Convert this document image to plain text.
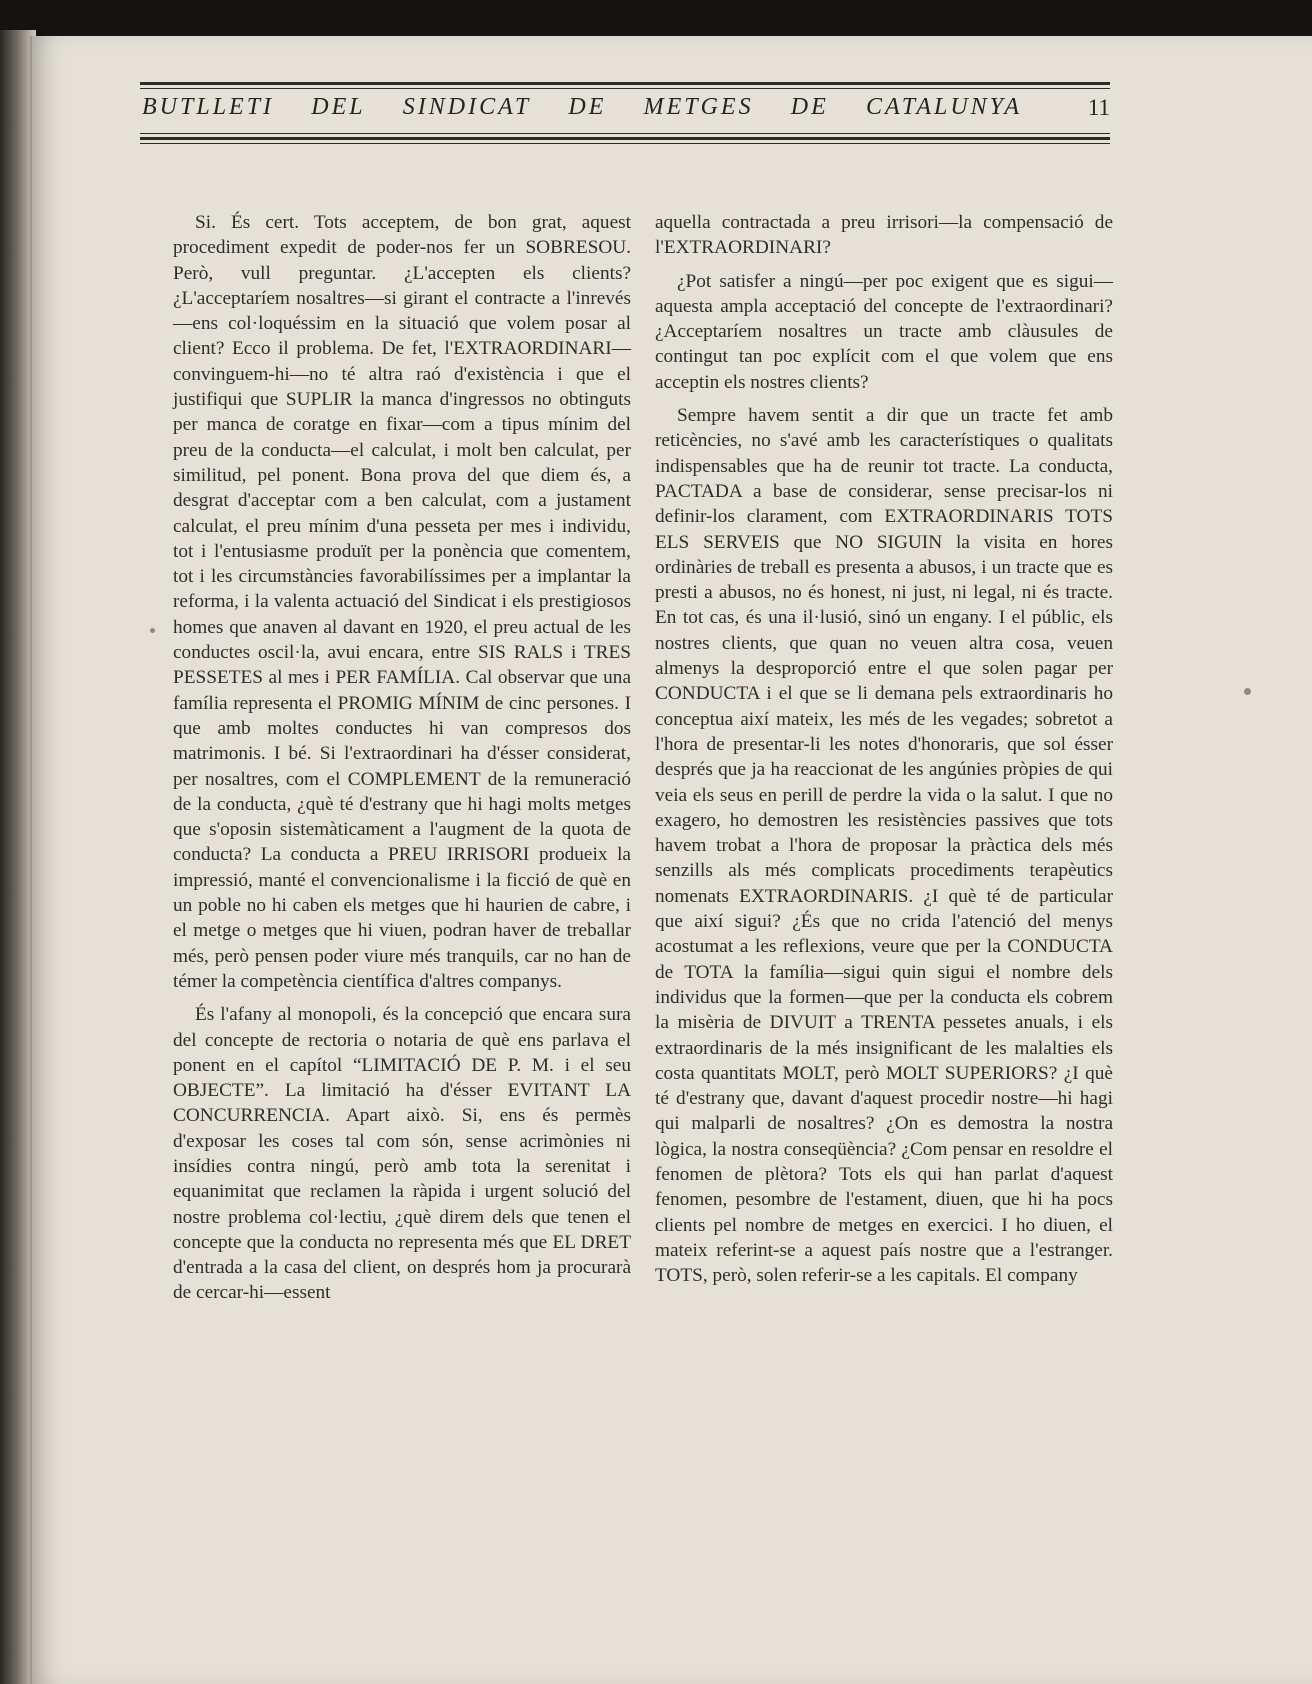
BUTLLETI DEL SINDICAT DE METGES DE CATALUNYA	11

Si. És cert. Tots acceptem, de bon grat, aquest procediment expedit de poder-nos fer un SOBRESOU. Però, vull preguntar. ¿L'accepten els clients? ¿L'acceptaríem nosaltres—si girant el contracte a l'inrevés—ens col·loquéssim en la situació que volem posar al client? Ecco il problema. De fet, l'EXTRAORDINARI—convinguem-hi—no té altra raó d'existència i que el justifiqui que SUPLIR la manca d'ingressos no obtinguts per manca de coratge en fixar—com a tipus mínim del preu de la conducta—el calculat, i molt ben calculat, per similitud, pel ponent. Bona prova del que diem és, a desgrat d'acceptar com a ben calculat, com a justament calculat, el preu mínim d'una pesseta per mes i individu, tot i l'entusiasme produït per la ponència que comentem, tot i les circumstàncies favorabilíssimes per a implantar la reforma, i la valenta actuació del Sindicat i els prestigiosos homes que anaven al davant en 1920, el preu actual de les conductes oscil·la, avui encara, entre SIS RALS i TRES PESSETES al mes i PER FAMÍLIA. Cal observar que una família representa el PROMIG MÍNIM de cinc persones. I que amb moltes conductes hi van compresos dos matrimonis. I bé. Si l'extraordinari ha d'ésser considerat, per nosaltres, com el COMPLEMENT de la remuneració de la conducta, ¿què té d'estrany que hi hagi molts metges que s'oposin sistemàticament a l'augment de la quota de conducta? La conducta a PREU IRRISORI produeix la impressió, manté el convencionalisme i la ficció de què en un poble no hi caben els metges que hi haurien de cabre, i el metge o metges que hi viuen, podran haver de treballar més, però pensen poder viure més tranquils, car no han de témer la competència científica d'altres companys.

És l'afany al monopoli, és la concepció que encara sura del concepte de rectoria o notaria de què ens parlava el ponent en el capítol “LIMITACIÓ DE P. M. i el seu OBJECTE”. La limitació ha d'ésser EVITANT LA CONCURRENCIA. Apart això. Si, ens és permès d'exposar les coses tal com són, sense acrimònies ni insídies contra ningú, però amb tota la serenitat i equanimitat que reclamen la ràpida i urgent solució del nostre problema col·lectiu, ¿què direm dels que tenen el concepte que la conducta no representa més que EL DRET d'entrada a la casa del client, on després hom ja procurarà de cercar-hi—essent

aquella contractada a preu irrisori—la compensació de l'EXTRAORDINARI?

¿Pot satisfer a ningú—per poc exigent que es sigui—aquesta ampla acceptació del concepte de l'extraordinari? ¿Acceptaríem nosaltres un tracte amb clàusules de contingut tan poc explícit com el que volem que ens acceptin els nostres clients?

Sempre havem sentit a dir que un tracte fet amb reticències, no s'avé amb les característiques o qualitats indispensables que ha de reunir tot tracte. La conducta, PACTADA a base de considerar, sense precisar-los ni definir-los clarament, com EXTRAORDINARIS TOTS ELS SERVEIS que NO SIGUIN la visita en hores ordinàries de treball es presenta a abusos, i un tracte que es presti a abusos, no és honest, ni just, ni legal, ni és tracte. En tot cas, és una il·lusió, sinó un engany. I el públic, els nostres clients, que quan no veuen altra cosa, veuen almenys la desproporció entre el que solen pagar per CONDUCTA i el que se li demana pels extraordinaris ho conceptua així mateix, les més de les vegades; sobretot a l'hora de presentar-li les notes d'honoraris, que sol ésser després que ja ha reaccionat de les angúnies pròpies de qui veia els seus en perill de perdre la vida o la salut. I que no exagero, ho demostren les resistències passives que tots havem trobat a l'hora de proposar la pràctica dels més senzills als més complicats procediments terapèutics nomenats EXTRAORDINARIS. ¿I què té de particular que així sigui? ¿És que no crida l'atenció del menys acostumat a les reflexions, veure que per la CONDUCTA de TOTA la família—sigui quin sigui el nombre dels individus que la formen—que per la conducta els cobrem la misèria de DIVUIT a TRENTA pessetes anuals, i els extraordinaris de la més insignificant de les malalties els costa quantitats MOLT, però MOLT SUPERIORS? ¿I què té d'estrany que, davant d'aquest procedir nostre—hi hagi qui malparli de nosaltres? ¿On es demostra la nostra lògica, la nostra conseqüència? ¿Com pensar en resoldre el fenomen de plètora? Tots els qui han parlat d'aquest fenomen, pesombre de l'estament, diuen, que hi ha pocs clients pel nombre de metges en exercici. I ho diuen, el mateix referint-se a aquest país nostre que a l'estranger. TOTS, però, solen referir-se a les capitals. El company
